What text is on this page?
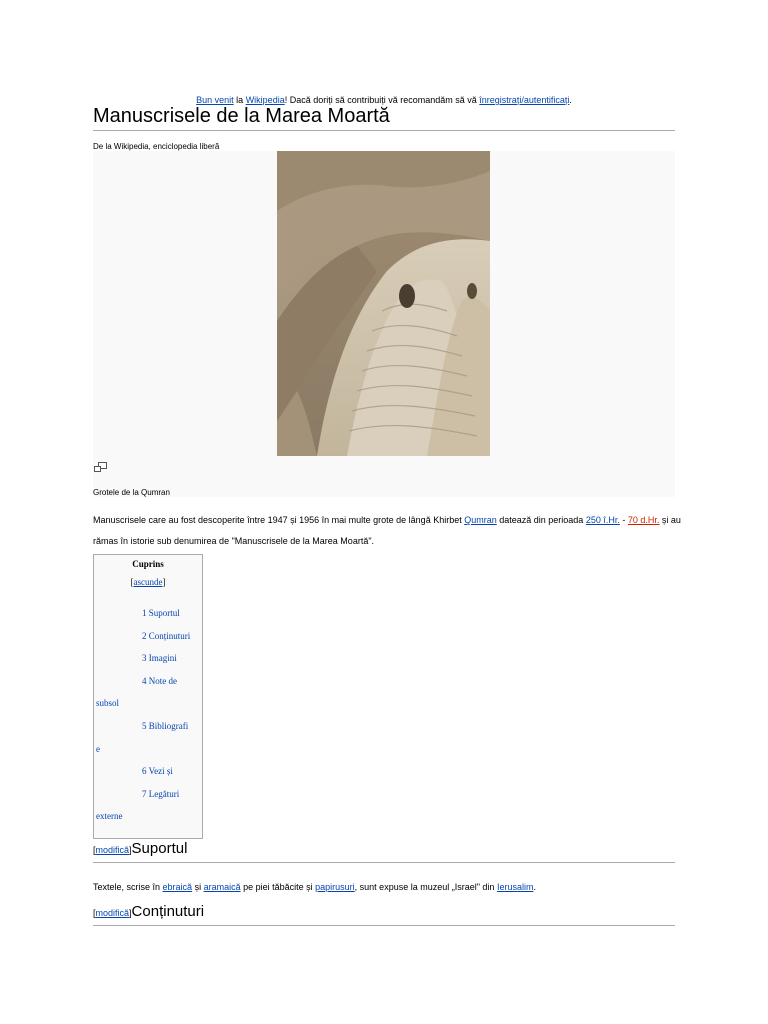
Bun venit la Wikipedia! Dacă doriți să contribuiți vă recomandăm să vă înregistrați/autentificați.
Manuscrisele de la Marea Moartă
De la Wikipedia, enciclopedia liberă
Grotele de la Qumran
Manuscrisele care au fost descoperite între 1947 și 1956 în mai multe grote de lângă Khirbet Qumran datează din perioada 250 î.Hr. - 70 d.Hr. și au rămas în istorie sub denumirea de "Manuscrisele de la Marea Moartă".
Cuprins
[ascunde]
1 Suportul
2 Conținuturi
3 Imagini
4 Note de
subsol
5 Bibliografi
e
6 Vezi și
7 Legături
externe
[modifică]Suportul
Textele, scrise în ebraică și aramaică pe piei tăbăcite și papirusuri, sunt expuse la muzeul „Israel" din Ierusalim.
[modifică]Conținuturi
